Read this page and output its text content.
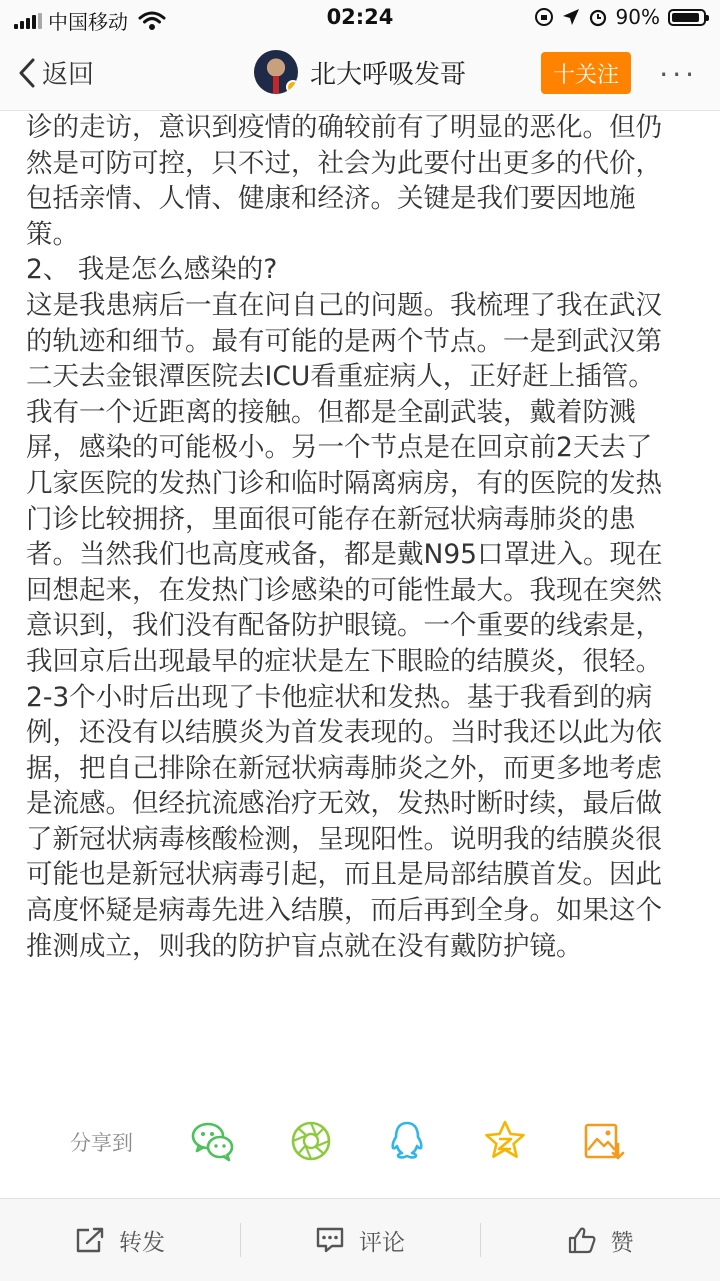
中国移动	02:24	90%
返回	北大呼吸发哥	十关注	···

诊的走访，意识到疫情的确较前有了明显的恶化。但仍

然是可防可控，只不过，社会为此要付出更多的代价，

包括亲情、人情、健康和经济。关键是我们要因地施

策。

2、 我是怎么感染的?

这是我患病后一直在问自己的问题。我梳理了我在武汉

的轨迹和细节。最有可能的是两个节点。一是到武汉第

二天去金银潭医院去ICU看重症病人，正好赶上插管。

我有一个近距离的接触。但都是全副武装，戴着防溅

屏，感染的可能极小。另一个节点是在回京前2天去了

几家医院的发热门诊和临时隔离病房，有的医院的发热

门诊比较拥挤，里面很可能存在新冠状病毒肺炎的患

者。当然我们也高度戒备，都是戴N95口罩进入。现在

回想起来，在发热门诊感染的可能性最大。我现在突然

意识到，我们没有配备防护眼镜。一个重要的线索是，

我回京后出现最早的症状是左下眼睑的结膜炎，很轻。

2-3个小时后出现了卡他症状和发热。基于我看到的病

例，还没有以结膜炎为首发表现的。当时我还以此为依

据，把自己排除在新冠状病毒肺炎之外，而更多地考虑

是流感。但经抗流感治疗无效，发热时断时续，最后做

了新冠状病毒核酸检测，呈现阳性。说明我的结膜炎很

可能也是新冠状病毒引起，而且是局部结膜首发。因此

高度怀疑是病毒先进入结膜，而后再到全身。如果这个

推测成立，则我的防护盲点就在没有戴防护镜。

分享到
转发	评论	赞
